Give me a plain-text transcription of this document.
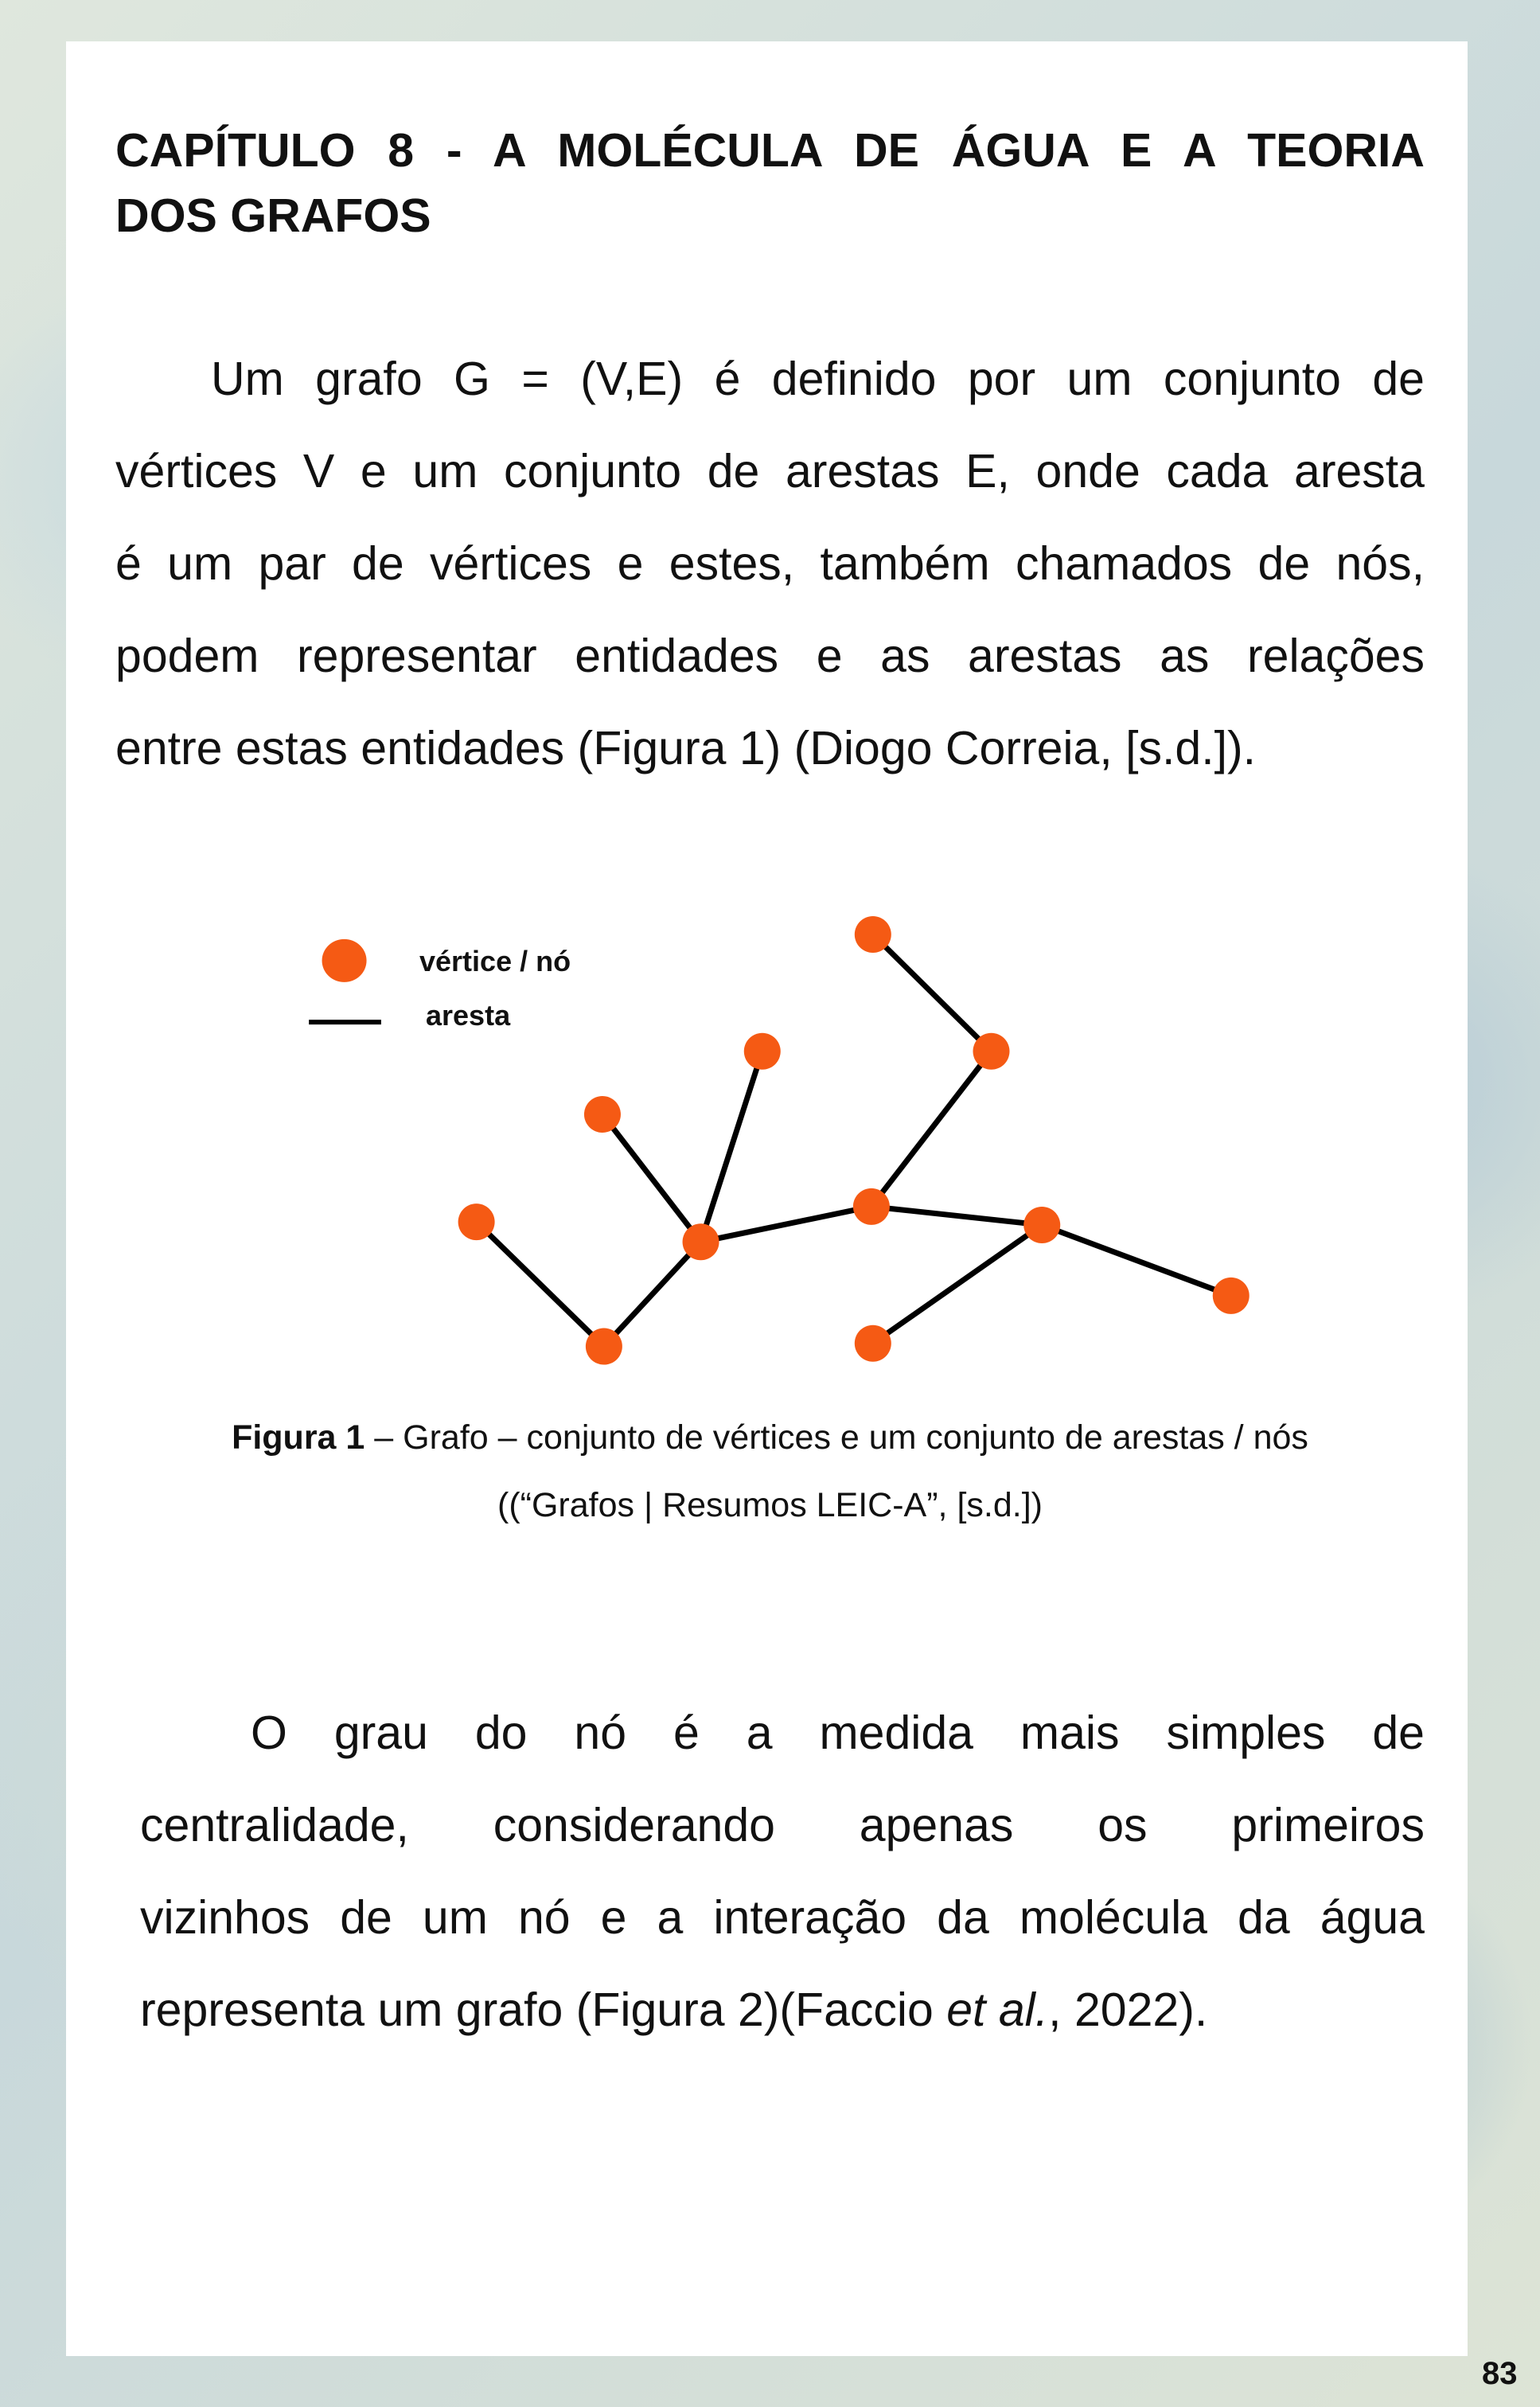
CAPÍTULO 8 - A MOLÉCULA DE ÁGUA E A TEORIA
DOS GRAFOS
Um grafo G = (V,E) é definido por um conjunto de
vértices V e um conjunto de arestas E, onde cada aresta
é um par de vértices e estes, também chamados de nós,
podem representar entidades e as arestas as relações
entre estas entidades (Figura 1) (Diogo Correia, [s.d.]).
vértice / nó
aresta
Figura 1 – Grafo – conjunto de vértices e um conjunto de arestas / nós
((“Grafos | Resumos LEIC-A”, [s.d.])
O grau do nó é a medida mais simples de
centralidade, considerando apenas os primeiros
vizinhos de um nó e a interação da molécula da água
representa um grafo (Figura 2)(Faccio et al., 2022).
83
